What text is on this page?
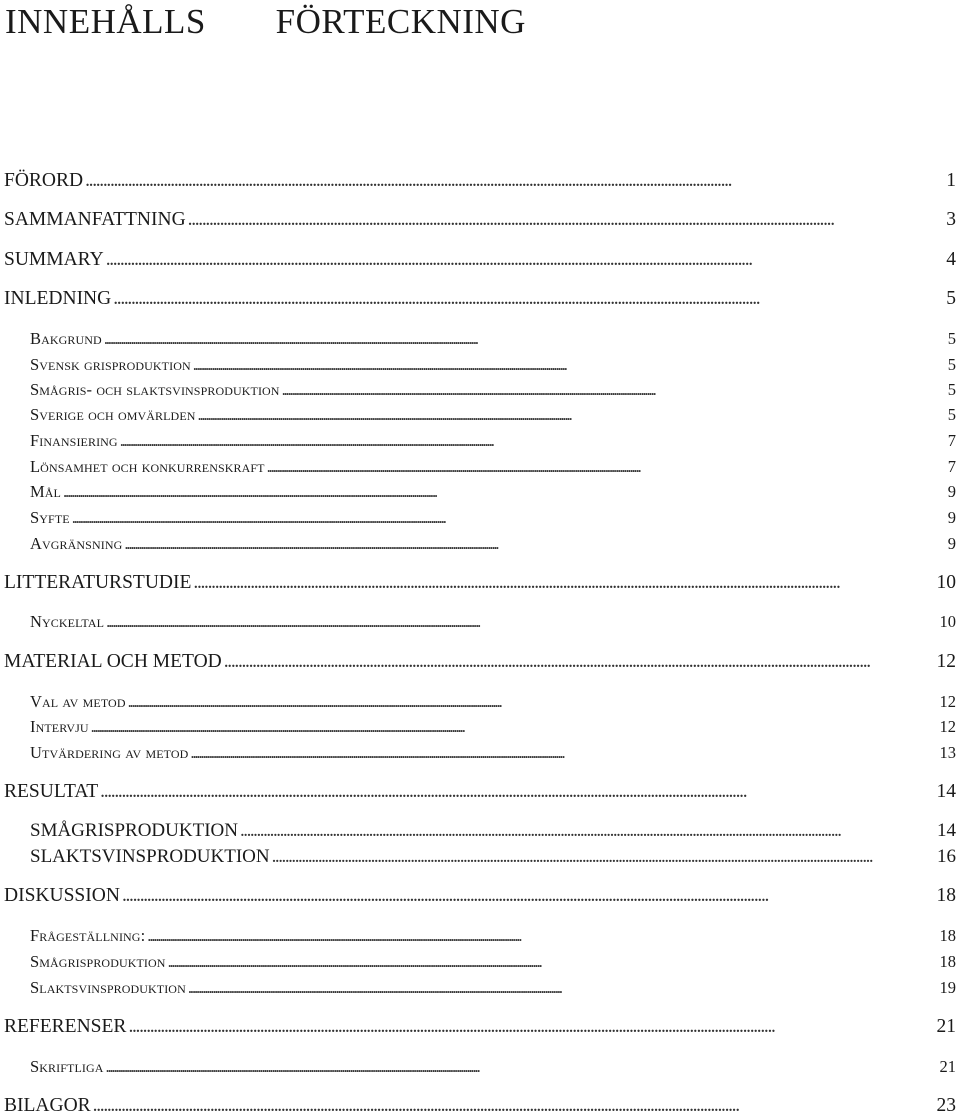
INNEHÅLLS   FÖRTECKNING
FÖRORD . . .	1
SAMMANFATTNING . . .	3
SUMMARY . . .	4
INLEDNING . . .	5
Bakgrund . . .	5
Svensk grisproduktion . . .	5
Smågris- och slaktsvinsproduktion . . .	5
Sverige och omvärlden . . .	5
Finansiering . . .	7
Lönsamhet och konkurrenskraft . . .	7
Mål . . .	9
Syfte . . .	9
Avgränsning . . .	9
LITTERATURSTUDIE . . .	10
Nyckeltal . . .	10
MATERIAL OCH METOD . . .	12
Val av metod . . .	12
Intervju . . .	12
Utvärdering av metod . . .	13
RESULTAT . . .	14
SMÅGRISPRODUKTION . . .	14
SLAKTSVINSPRODUKTION . . .	16
DISKUSSION . . .	18
Frågeställning: . . .	18
Smågrisproduktion . . .	18
Slaktsvinsproduktion . . .	19
REFERENSER . . .	21
Skriftliga . . .	21
BILAGOR . . .	23
